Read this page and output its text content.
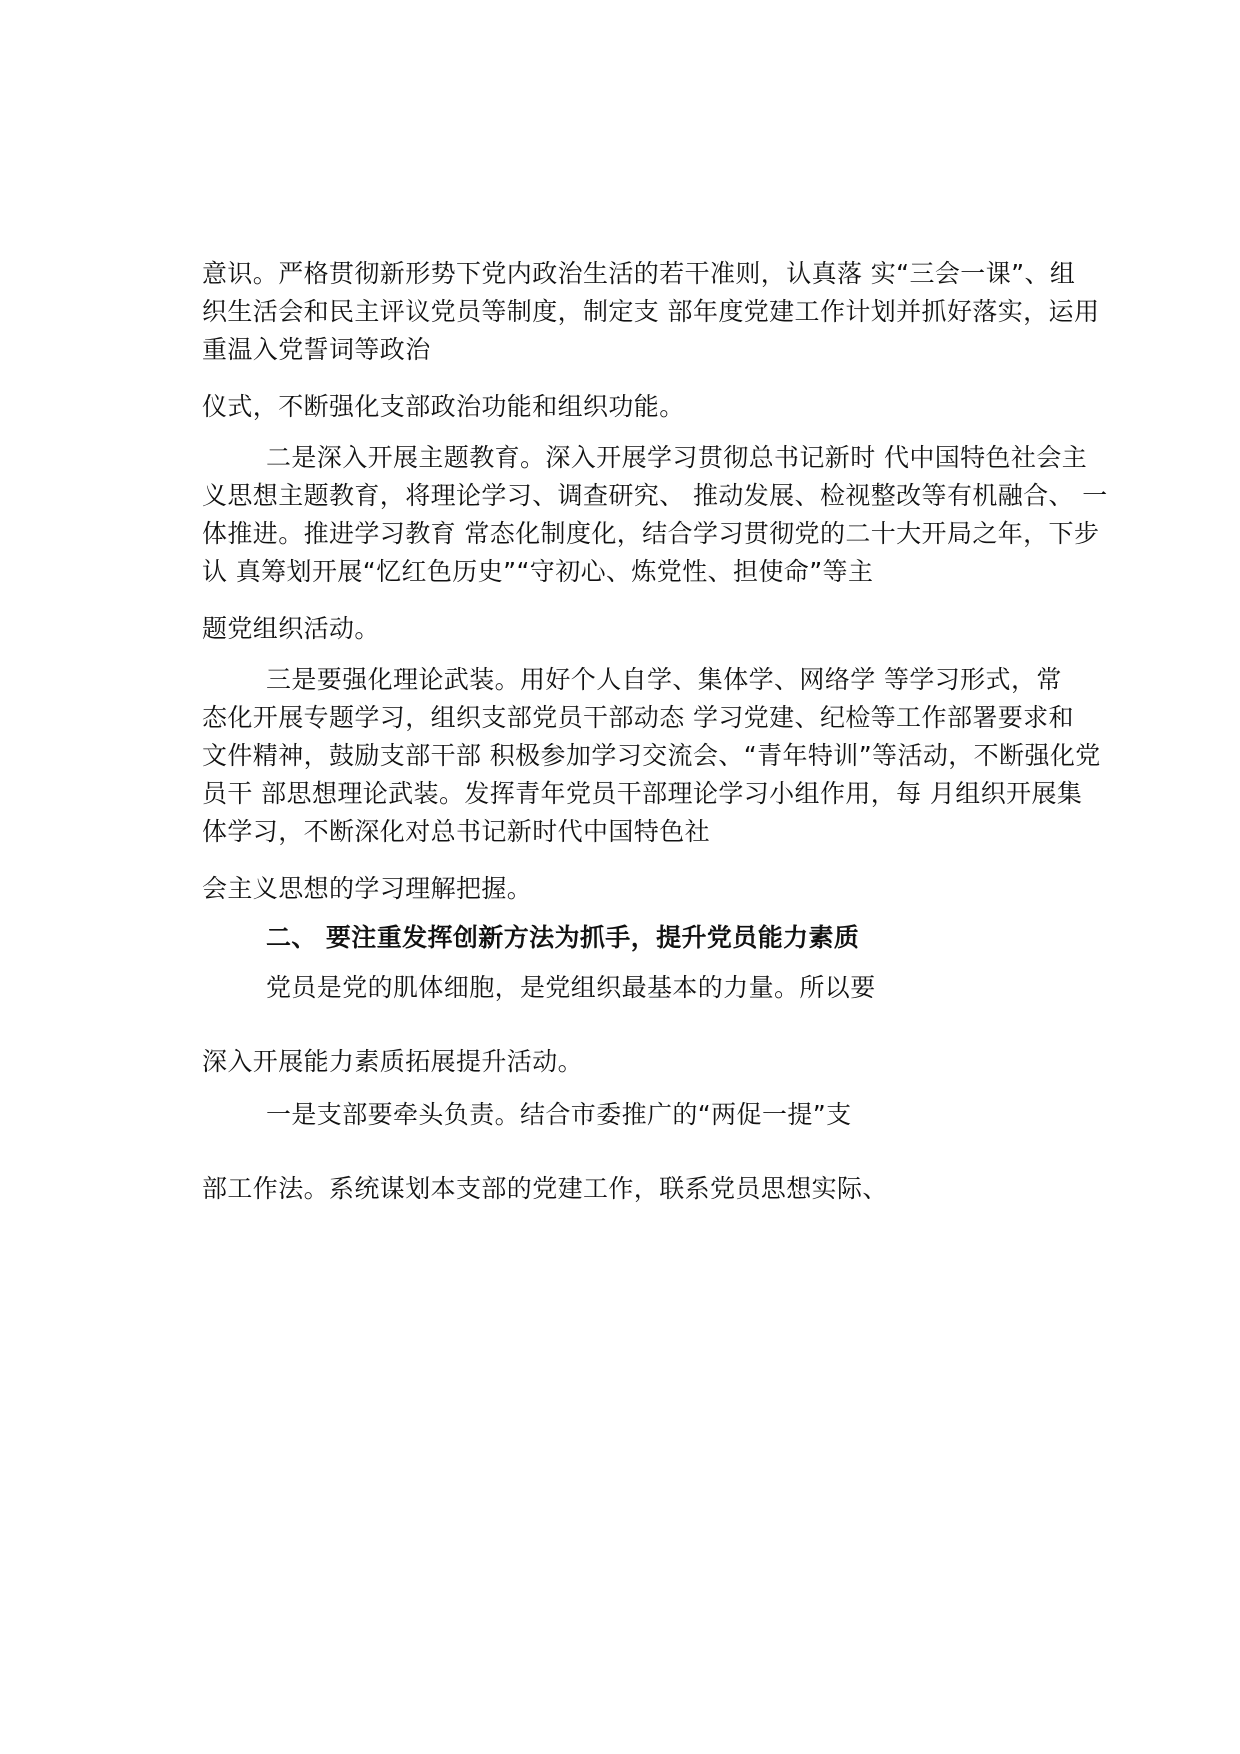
意识。严格贯彻新形势下党内政治生活的若干准则，认真落 实“三会一课”、组
织生活会和民主评议党员等制度，制定支 部年度党建工作计划并抓好落实，运用
重温入党誓词等政治
仪式，不断强化支部政治功能和组织功能。
二是深入开展主题教育。深入开展学习贯彻总书记新时 代中国特色社会主
义思想主题教育，将理论学习、调查研究、 推动发展、检视整改等有机融合、 一
体推进。推进学习教育 常态化制度化，结合学习贯彻党的二十大开局之年，下步
认 真筹划开展“忆红色历史”“守初心、炼党性、担使命”等主
题党组织活动。
三是要强化理论武装。用好个人自学、集体学、网络学 等学习形式，常
态化开展专题学习，组织支部党员干部动态 学习党建、纪检等工作部署要求和
文件精神，鼓励支部干部 积极参加学习交流会、“青年特训”等活动，不断强化党
员干 部思想理论武装。发挥青年党员干部理论学习小组作用，每 月组织开展集
体学习，不断深化对总书记新时代中国特色社
会主义思想的学习理解把握。
二、 要注重发挥创新方法为抓手，提升党员能力素质
党员是党的肌体细胞，是党组织最基本的力量。所以要
深入开展能力素质拓展提升活动。
一是支部要牵头负责。结合市委推广的“两促一提”支
部工作法。系统谋划本支部的党建工作，联系党员思想实际、
